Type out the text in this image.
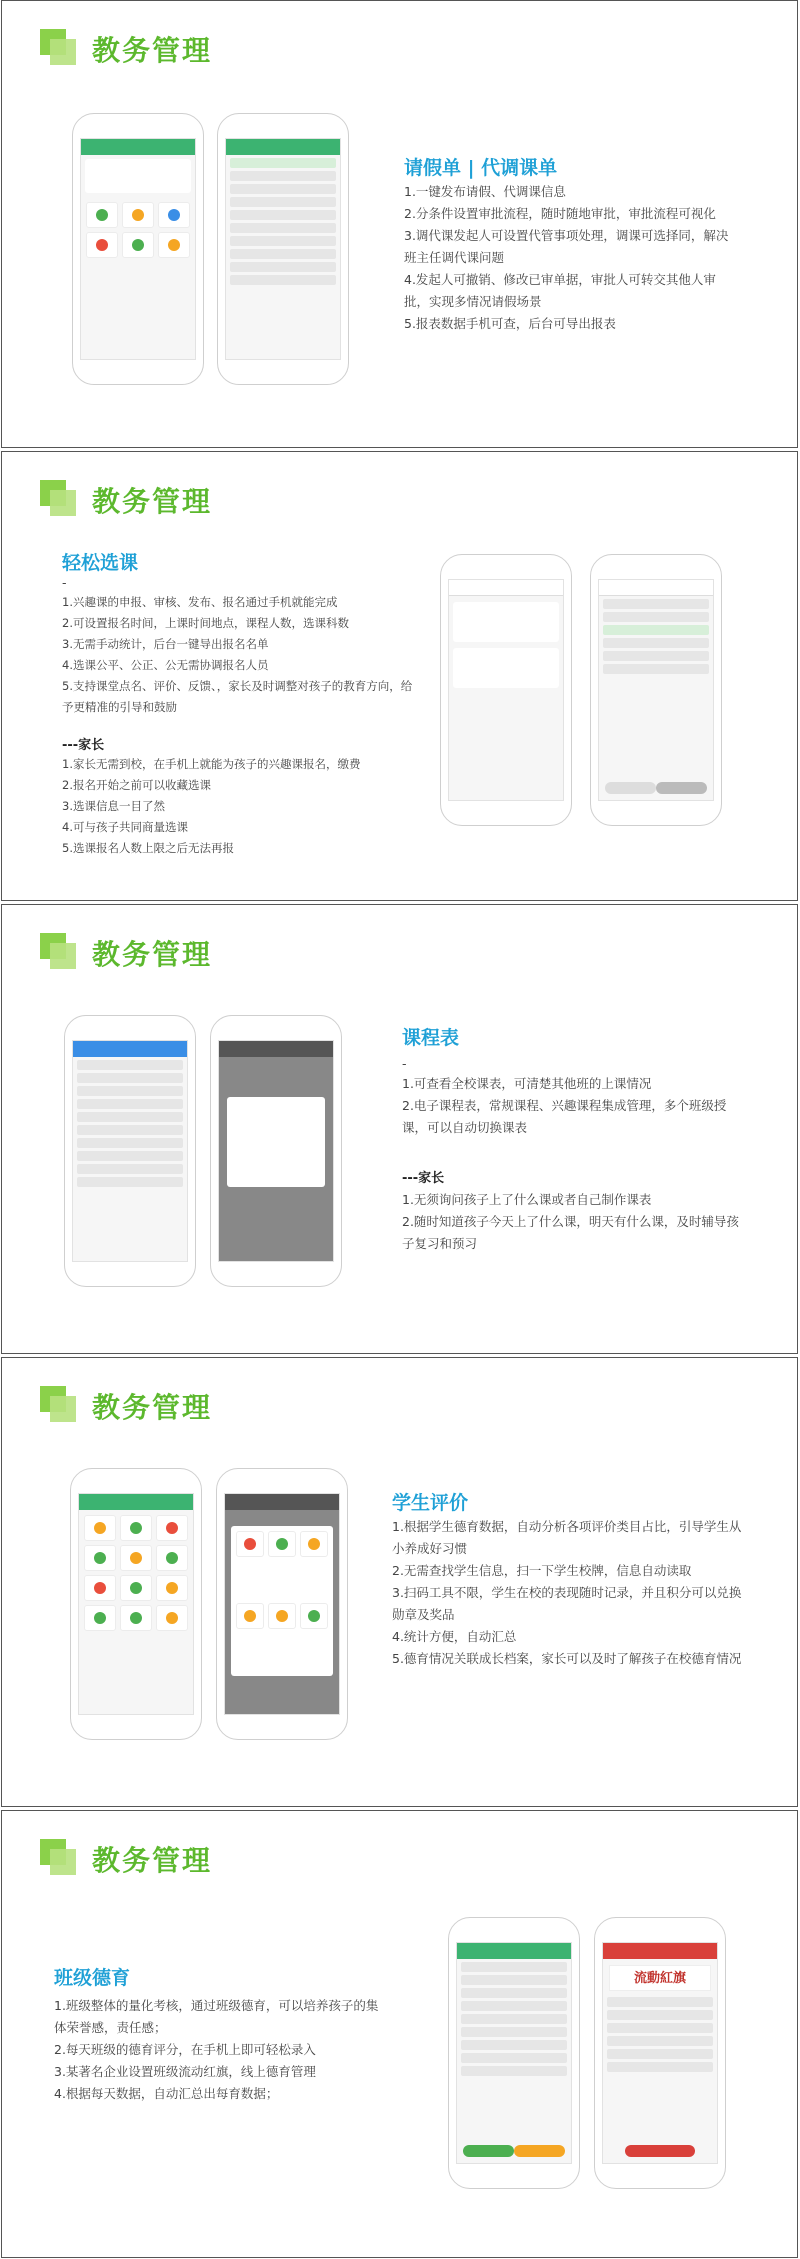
教务管理
请假单 | 代调课单
1.一键发布请假、代调课信息
2.分条件设置审批流程，随时随地审批，审批流程可视化
3.调代课发起人可设置代管事项处理，调课可选择同，解决班主任调代课问题
4.发起人可撤销、修改已审单据，审批人可转交其他人审批，实现多情况请假场景
5.报表数据手机可查，后台可导出报表
教务管理
轻松选课
-
1.兴趣课的申报、审核、发布、报名通过手机就能完成
2.可设置报名时间，上课时间地点，课程人数，选课科数
3.无需手动统计，后台一键导出报名名单
4.选课公平、公正、公无需协调报名人员
5.支持课堂点名、评价、反馈、，家长及时调整对孩子的教育方向，给予更精准的引导和鼓励
---家长
1.家长无需到校，在手机上就能为孩子的兴趣课报名，缴费
2.报名开始之前可以收藏选课
3.选课信息一目了然
4.可与孩子共同商量选课
5.选课报名人数上限之后无法再报
教务管理
课程表
-
1.可查看全校课表，可清楚其他班的上课情况
2.电子课程表，常规课程、兴趣课程集成管理，多个班级授课，可以自动切换课表
---家长
1.无须询问孩子上了什么课或者自己制作课表
2.随时知道孩子今天上了什么课，明天有什么课，及时辅导孩子复习和预习
教务管理
学生评价
1.根据学生德育数据，自动分析各项评价类目占比，引导学生从小养成好习惯
2.无需查找学生信息，扫一下学生校牌，信息自动读取
3.扫码工具不限，学生在校的表现随时记录，并且积分可以兑换勋章及奖品
4.统计方便，自动汇总
5.德育情况关联成长档案，家长可以及时了解孩子在校德育情况
教务管理
班级德育
1.班级整体的量化考核，通过班级德育，可以培养孩子的集体荣誉感，责任感；
2.每天班级的德育评分，在手机上即可轻松录入
3.某著名企业设置班级流动红旗，线上德育管理
4.根据每天数据，自动汇总出每育数据；
流動紅旗
